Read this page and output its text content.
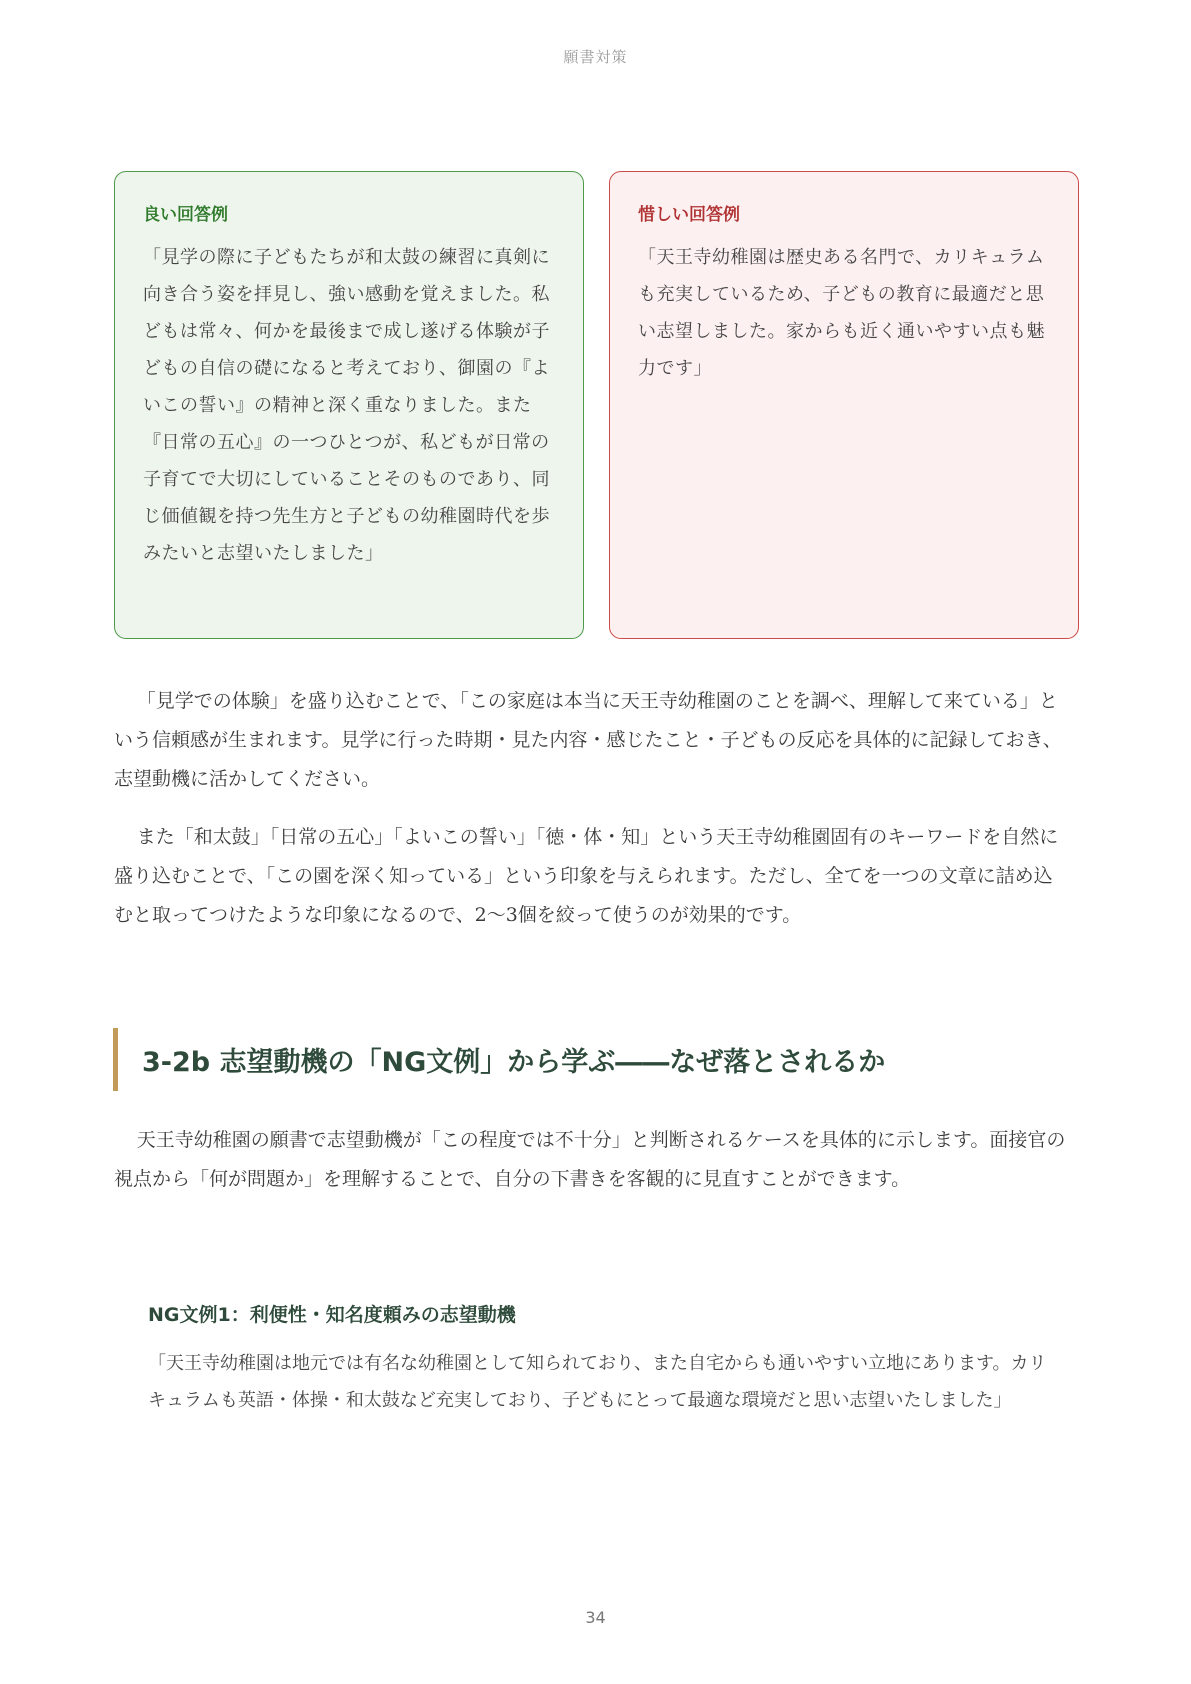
願書対策
良い回答例
「見学の際に子どもたちが和太鼓の練習に真剣に向き合う姿を拝見し、強い感動を覚えました。私どもは常々、何かを最後まで成し遂げる体験が子どもの自信の礎になると考えており、御園の『よいこの誓い』の精神と深く重なりました。また『日常の五心』の一つひとつが、私どもが日常の子育てで大切にしていることそのものであり、同じ価値観を持つ先生方と子どもの幼稚園時代を歩みたいと志望いたしました」
惜しい回答例
「天王寺幼稚園は歴史ある名門で、カリキュラムも充実しているため、子どもの教育に最適だと思い志望しました。家からも近く通いやすい点も魅力です」

「見学での体験」を盛り込むことで、「この家庭は本当に天王寺幼稚園のことを調べ、理解して来ている」という信頼感が生まれます。見学に行った時期・見た内容・感じたこと・子どもの反応を具体的に記録しておき、志望動機に活かしてください。

また「和太鼓」「日常の五心」「よいこの誓い」「徳・体・知」という天王寺幼稚園固有のキーワードを自然に盛り込むことで、「この園を深く知っている」という印象を与えられます。ただし、全てを一つの文章に詰め込むと取ってつけたような印象になるので、2〜3個を絞って使うのが効果的です。

3-2b 志望動機の「NG文例」から学ぶ――なぜ落とされるか

天王寺幼稚園の願書で志望動機が「この程度では不十分」と判断されるケースを具体的に示します。面接官の視点から「何が問題か」を理解することで、自分の下書きを客観的に見直すことができます。

NG文例1：利便性・知名度頼みの志望動機

「天王寺幼稚園は地元では有名な幼稚園として知られており、また自宅からも通いやすい立地にあります。カリキュラムも英語・体操・和太鼓など充実しており、子どもにとって最適な環境だと思い志望いたしました」

34
